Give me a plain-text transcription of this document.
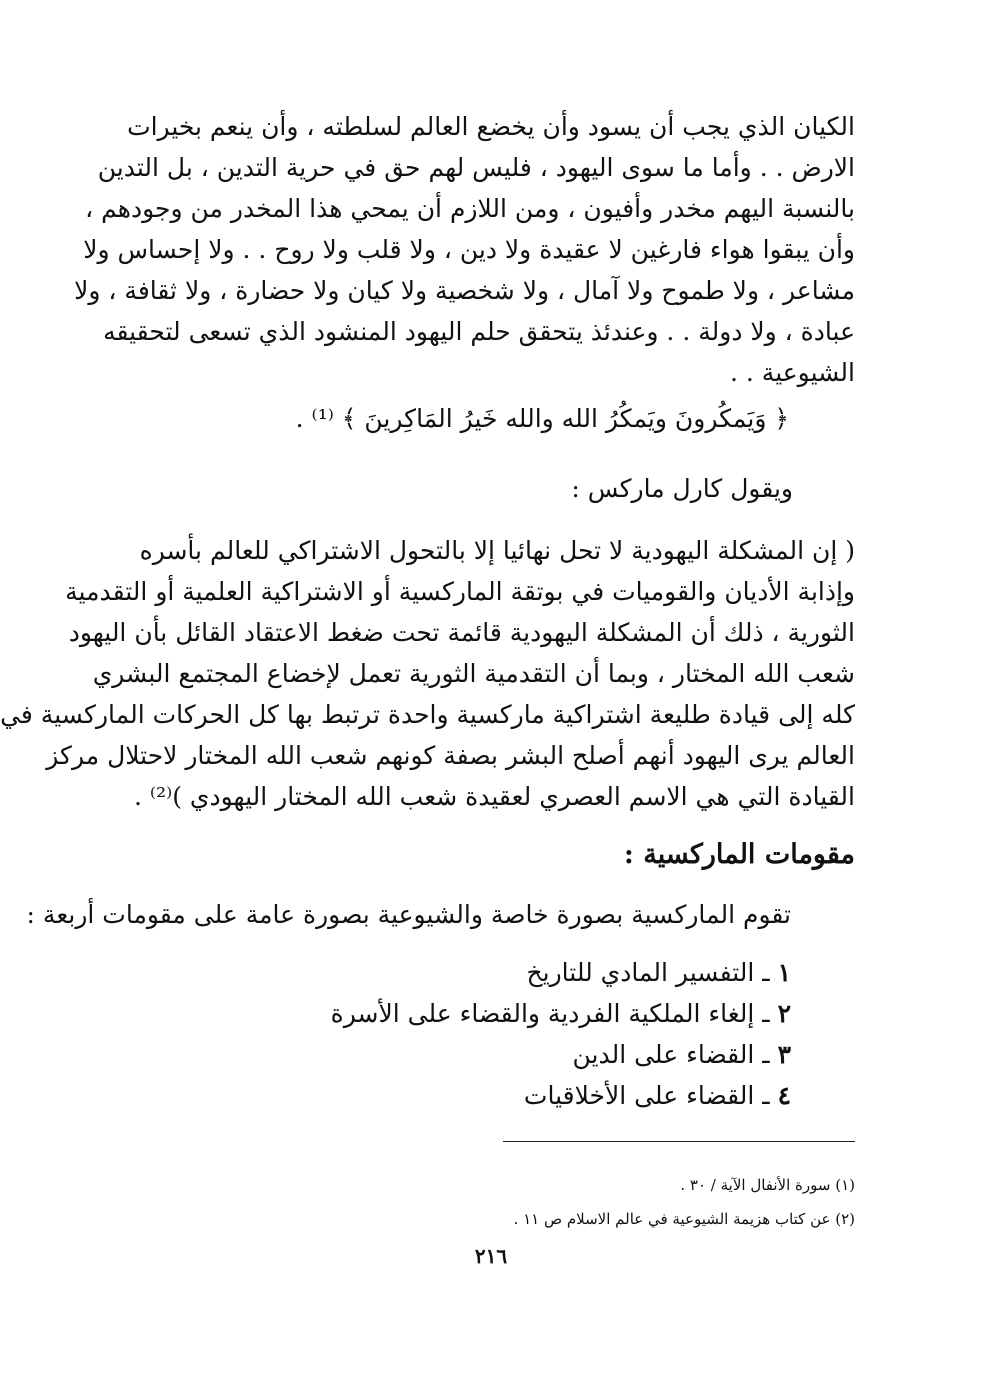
الكيان الذي يجب أن يسود وأن يخضع العالم لسلطته ، وأن ينعم بخيرات
الارض . . وأما ما سوى اليهود ، فليس لهم حق في حرية التدين ، بل التدين
بالنسبة اليهم مخدر وأفيون ، ومن اللازم أن يمحي هذا المخدر من وجودهم ،
وأن يبقوا هواء فارغين لا عقيدة ولا دين ، ولا قلب ولا روح . . ولا إحساس ولا
مشاعر ، ولا طموح ولا آمال ، ولا شخصية ولا كيان ولا حضارة ، ولا ثقافة ، ولا
عبادة ، ولا دولة . . وعندئذ يتحقق حلم اليهود المنشود الذي تسعى لتحقيقه
الشيوعية . .
﴿ وَيَمكُرونَ ويَمكُرُ الله والله خَيرُ المَاكِرينَ ﴾ ⁽¹⁾ .
ويقول كارل ماركس :
( إن المشكلة اليهودية لا تحل نهائيا إلا بالتحول الاشتراكي للعالم بأسره
وإذابة الأديان والقوميات في بوتقة الماركسية أو الاشتراكية العلمية أو التقدمية
الثورية ، ذلك أن المشكلة اليهودية قائمة تحت ضغط الاعتقاد القائل بأن اليهود
شعب الله المختار ، وبما أن التقدمية الثورية تعمل لإخضاع المجتمع البشري
كله إلى قيادة طليعة اشتراكية ماركسية واحدة ترتبط بها كل الحركات الماركسية في
العالم يرى اليهود أنهم أصلح البشر بصفة كونهم شعب الله المختار لاحتلال مركز
القيادة التي هي الاسم العصري لعقيدة شعب الله المختار اليهودي )⁽²⁾ .
مقومات الماركسية :
تقوم الماركسية بصورة خاصة والشيوعية بصورة عامة على مقومات أربعة :
١ ـ التفسير المادي للتاريخ
٢ ـ إلغاء الملكية الفردية والقضاء على الأسرة
٣ ـ القضاء على الدين
٤ ـ القضاء على الأخلاقيات
(١) سورة الأنفال الآية / ٣٠ .
(٢) عن كتاب هزيمة الشيوعية في عالم الاسلام ص ١١ .
٢١٦
